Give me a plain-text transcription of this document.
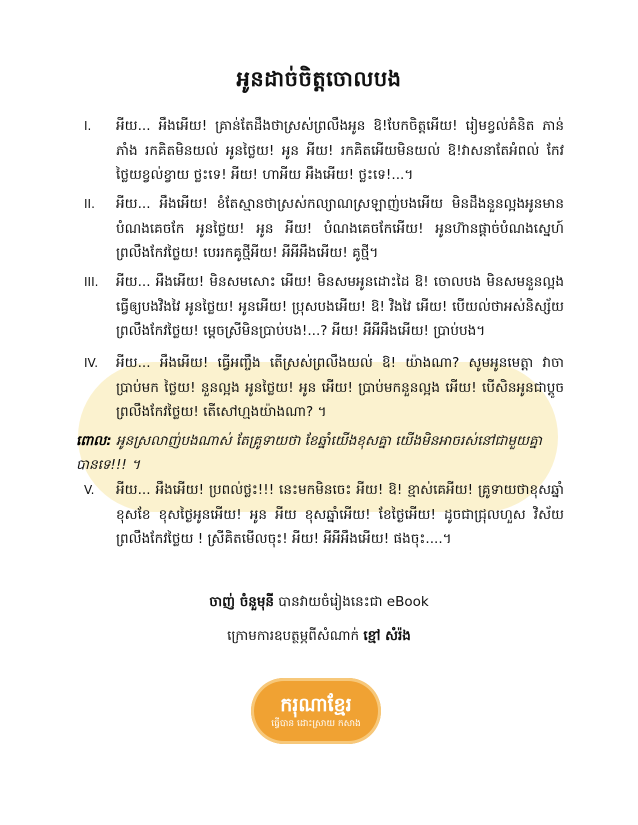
អូនដាច់ចិត្តចោលបង
I.	អីយ... អឹងអើយ! គ្រាន់តែដឹងថាស្រស់ព្រលឹងអូន ឱ!បែកចិត្តអើយ! រៀមខ្វល់គំនិត ភាន់ភាំង រកគិតមិនយល់ អូនថ្លៃយ! អូន អីយ! រកគិតអើយមិនយល់ ឱ!វាសនាតែអំពល់ កែវថ្លៃយខ្វល់ខ្វាយ ថ្លះទេ! អីយ! ហាអីយ អឹងអើយ! ថ្លះទេ!...។
II.	អីយ... អឹងអើយ! ខំតែស្មានថាស្រស់កល្យាណស្រឡាញ់បងអើយ មិនដឹងនួនល្អងអូនមានបំណងគេចកែ អូនថ្លៃយ! អូន អីយ! បំណងគេចកែអើយ! អូនហ៊ានផ្តាច់បំណងស្នេហ៍ ព្រលឹងកែវថ្លៃយ! បេររកគូថ្មីអីយ! អីអីអឹងអើយ! គូថ្មី។
III.	អីយ... អឹងអើយ! មិនសមសោះ អើយ! មិនសមអូនដោះដៃ ឱ! ចោលបង មិនសមនួនល្អង ធ្វើឲ្យបងវិងវៃ អូនថ្លៃយ! អូនអើយ! ប្រុសបងអើយ! ឱ! វិងវៃ អើយ! បើយល់ថាអស់និស្ស័យ ព្រលឹងកែវថ្លៃយ! ម្តេចស្រីមិនប្រាប់បង!...? អីយ! អីអីអឹងអើយ! ប្រាប់បង។
IV.	អីយ... អឹងអើយ! ធ្វើអញ្ចឹង តើស្រស់ព្រលឹងយល់ ឱ! យ៉ាងណា? សូមអូនមេត្តា វាចាប្រាប់មក ថ្លៃយ! នួនល្អង អូនថ្លៃយ! អូន អើយ! ប្រាប់មកនួនល្អង អើយ! បើសិនអូនជាប្ដូច ព្រលឹងកែវថ្លៃយ! តើសៅហ្មងយ៉ាងណា? ។
ពោល: អូនស្រលាញ់បងណាស់ តែគ្រូទាយថា ខែឆ្នាំយើងខុសគ្នា យើងមិនអាចរស់នៅជាមួយគ្នា បានទេ!!! ។
V.	អីយ... អឹងអើយ! ប្រពល់ថ្លះ!!! នេះមកមិនចេះ អីយ! ឱ! ខ្មាស់គេអីយ! គ្រូទាយថាខុសឆ្នាំ ខុសខែ ខុសថ្ងៃអូនអើយ! អូន អីយ ខុសឆ្នាំអើយ! ខែថ្ងៃអើយ! ដូចជាជ្រុលហួស វិស័យ ព្រលឹងកែវថ្លៃយ ! ស្រីគិតមើលចុះ! អីយ! អីអីអឹងអើយ! ផងចុះ....។
ចាញ់ ចំនួមុនី បានវាយចំរៀងនេះជា eBook
ក្រោមការឧបត្ថម្ភពីសំណាក់ ខ្មៅ សំរ៉ង
ករុណាខ្មែរ
ធ្វើបាន ដោះស្រាយ កសាង
